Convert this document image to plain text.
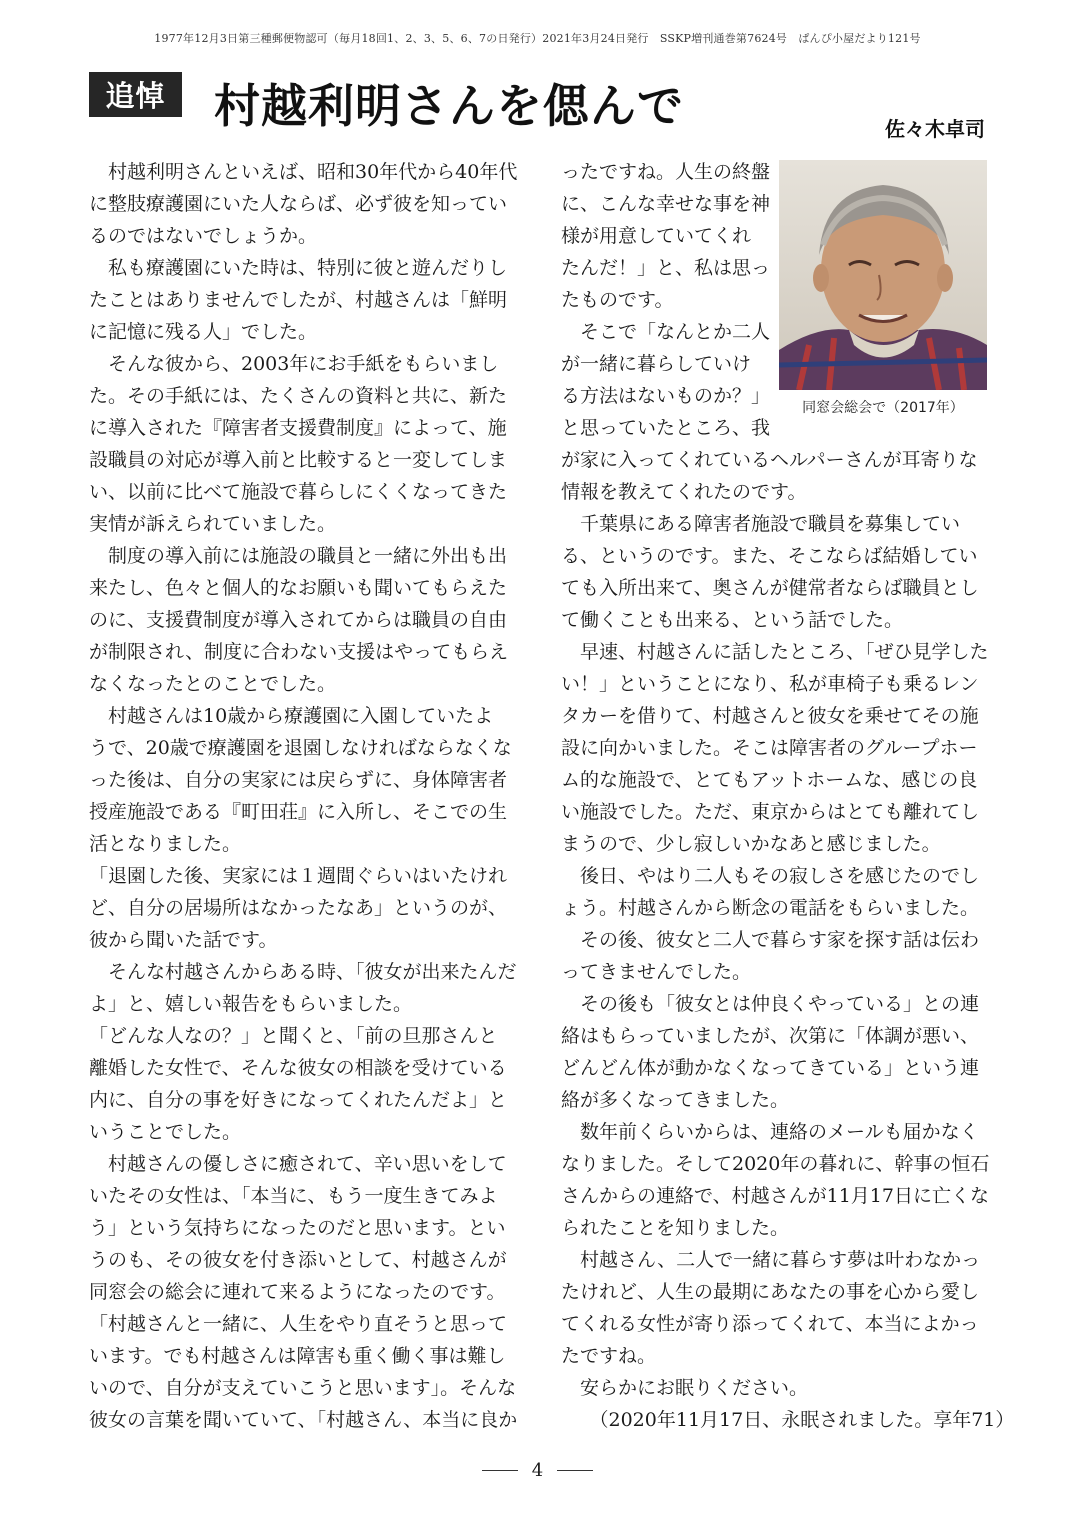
1977年12月3日第三種郵便物認可（毎月18回1、2、3、5、6、7の日発行）2021年3月24日発行　SSKP増刊通巻第7624号　ぱんぴ小屋だより121号
追悼	村越利明さんを偲んで	佐々木卓司
　村越利明さんといえば、昭和30年代から40年代
に整肢療護園にいた人ならば、必ず彼を知ってい
るのではないでしょうか。
　私も療護園にいた時は、特別に彼と遊んだりし
たことはありませんでしたが、村越さんは「鮮明
に記憶に残る人」でした。
　そんな彼から、2003年にお手紙をもらいまし
た。その手紙には、たくさんの資料と共に、新た
に導入された『障害者支援費制度』によって、施
設職員の対応が導入前と比較すると一変してしま
い、以前に比べて施設で暮らしにくくなってきた
実情が訴えられていました。
　制度の導入前には施設の職員と一緒に外出も出
来たし、色々と個人的なお願いも聞いてもらえた
のに、支援費制度が導入されてからは職員の自由
が制限され、制度に合わない支援はやってもらえ
なくなったとのことでした。
　村越さんは10歳から療護園に入園していたよ
うで、20歳で療護園を退園しなければならなくな
った後は、自分の実家には戻らずに、身体障害者
授産施設である『町田荘』に入所し、そこでの生
活となりました。
「退園した後、実家には１週間ぐらいはいたけれ
ど、自分の居場所はなかったなあ」というのが、
彼から聞いた話です。
　そんな村越さんからある時、「彼女が出来たんだ
よ」と、嬉しい報告をもらいました。
「どんな人なの？」と聞くと、「前の旦那さんと
離婚した女性で、そんな彼女の相談を受けている
内に、自分の事を好きになってくれたんだよ」と
いうことでした。
　村越さんの優しさに癒されて、辛い思いをして
いたその女性は、「本当に、もう一度生きてみよ
う」という気持ちになったのだと思います。とい
うのも、その彼女を付き添いとして、村越さんが
同窓会の総会に連れて来るようになったのです。
「村越さんと一緒に、人生をやり直そうと思って
います。でも村越さんは障害も重く働く事は難し
いので、自分が支えていこうと思います」。そんな
彼女の言葉を聞いていて、「村越さん、本当に良か
ったですね。人生の終盤
に、こんな幸せな事を神
様が用意していてくれ
たんだ！」と、私は思っ
たものです。
　そこで「なんとか二人
が一緒に暮らしていけ
る方法はないものか？」
と思っていたところ、我
が家に入ってくれているヘルパーさんが耳寄りな
情報を教えてくれたのです。
　千葉県にある障害者施設で職員を募集してい
る、というのです。また、そこならば結婚してい
ても入所出来て、奥さんが健常者ならば職員とし
て働くことも出来る、という話でした。
　早速、村越さんに話したところ、「ぜひ見学した
い！」ということになり、私が車椅子も乗るレン
タカーを借りて、村越さんと彼女を乗せてその施
設に向かいました。そこは障害者のグループホー
ム的な施設で、とてもアットホームな、感じの良
い施設でした。ただ、東京からはとても離れてし
まうので、少し寂しいかなあと感じました。
　後日、やはり二人もその寂しさを感じたのでし
ょう。村越さんから断念の電話をもらいました。
　その後、彼女と二人で暮らす家を探す話は伝わ
ってきませんでした。
　その後も「彼女とは仲良くやっている」との連
絡はもらっていましたが、次第に「体調が悪い、
どんどん体が動かなくなってきている」という連
絡が多くなってきました。
　数年前くらいからは、連絡のメールも届かなく
なりました。そして2020年の暮れに、幹事の恒石
さんからの連絡で、村越さんが11月17日に亡くな
られたことを知りました。
　村越さん、二人で一緒に暮らす夢は叶わなかっ
たけれど、人生の最期にあなたの事を心から愛し
てくれる女性が寄り添ってくれて、本当によかっ
たですね。
　安らかにお眠りください。
　　（2020年11月17日、永眠されました。享年71）
同窓会総会で（2017年）
4
